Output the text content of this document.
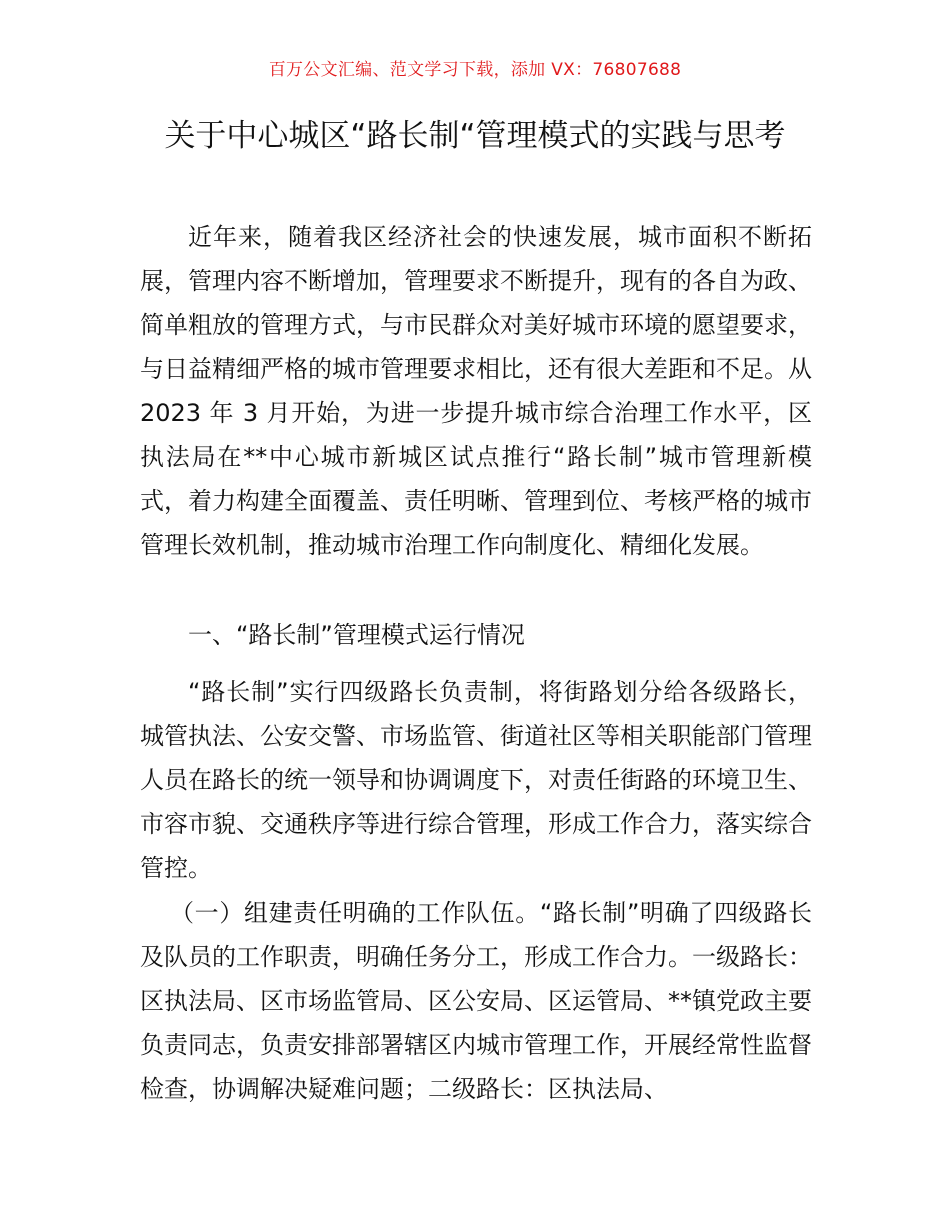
百万公文汇编、范文学习下载，添加 VX：76807688
关于中心城区“路长制“管理模式的实践与思考

近年来，随着我区经济社会的快速发展，城市面积不断拓展，管理内容不断增加，管理要求不断提升，现有的各自为政、简单粗放的管理方式，与市民群众对美好城市环境的愿望要求，与日益精细严格的城市管理要求相比，还有很大差距和不足。从 2023 年 3 月开始，为进一步提升城市综合治理工作水平，区执法局在**中心城市新城区试点推行“路长制”城市管理新模式，着力构建全面覆盖、责任明晰、管理到位、考核严格的城市管理长效机制，推动城市治理工作向制度化、精细化发展。

一、“路长制”管理模式运行情况

“路长制”实行四级路长负责制，将街路划分给各级路长，城管执法、公安交警、市场监管、街道社区等相关职能部门管理人员在路长的统一领导和协调调度下，对责任街路的环境卫生、市容市貌、交通秩序等进行综合管理，形成工作合力，落实综合管控。

（一）组建责任明确的工作队伍。“路长制”明确了四级路长及队员的工作职责，明确任务分工，形成工作合力。一级路长：区执法局、区市场监管局、区公安局、区运管局、**镇党政主要负责同志，负责安排部署辖区内城市管理工作，开展经常性监督检查，协调解决疑难问题；二级路长：区执法局、
